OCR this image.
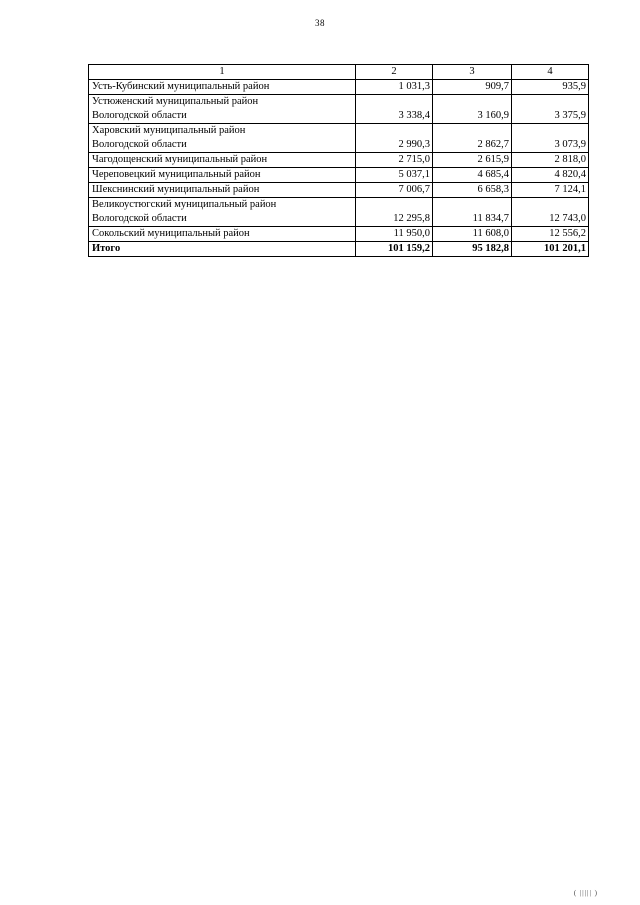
38
1	2	3	4
Усть-Кубинский муниципальный район	1 031,3	909,7	935,9
Устюженский муниципальный район
Вологодской области	3 338,4	3 160,9	3 375,9
Харовский муниципальный район
Вологодской области	2 990,3	2 862,7	3 073,9
Чагодощенский муниципальный район	2 715,0	2 615,9	2 818,0
Череповецкий муниципальный район	5 037,1	4 685,4	4 820,4
Шекснинский муниципальный район	7 006,7	6 658,3	7 124,1
Великоустюгский муниципальный район
Вологодской области	12 295,8	11 834,7	12 743,0
Сокольский муниципальный район	11 950,0	11 608,0	12 556,2
Итого	101 159,2	95 182,8	101 201,1
( ||||| )
